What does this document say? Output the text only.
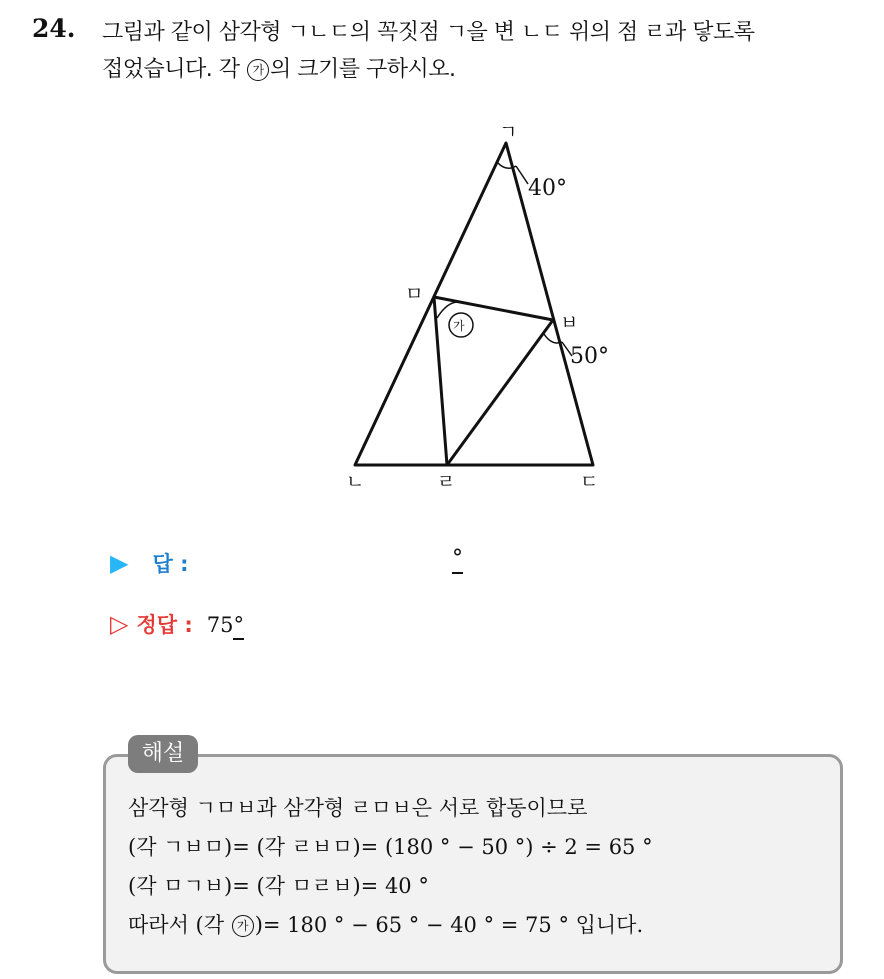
24. 그림과 같이 삼각형 ㄱㄴㄷ의 꼭짓점 ㄱ을 변 ㄴㄷ 위의 점 ㄹ과 닿도록
접었습니다. 각 가 의 크기를 구하시오.
ㄱ
ㅁ
ㅂ
ㄴ	ㄹ	ㄷ
가
40°
50°
▶ 답 :	°
▷ 정답 : 75°
해설
삼각형 ㄱㅁㅂ과 삼각형 ㄹㅁㅂ은 서로 합동이므로
(각 ㄱㅂㅁ)= (각 ㄹㅂㅁ)= (180 ° − 50 °) ÷ 2 = 65 °
(각 ㅁㄱㅂ)= (각 ㅁㄹㅂ)= 40 °
따라서 (각 가 )= 180 ° − 65 ° − 40 ° = 75 ° 입니다.
